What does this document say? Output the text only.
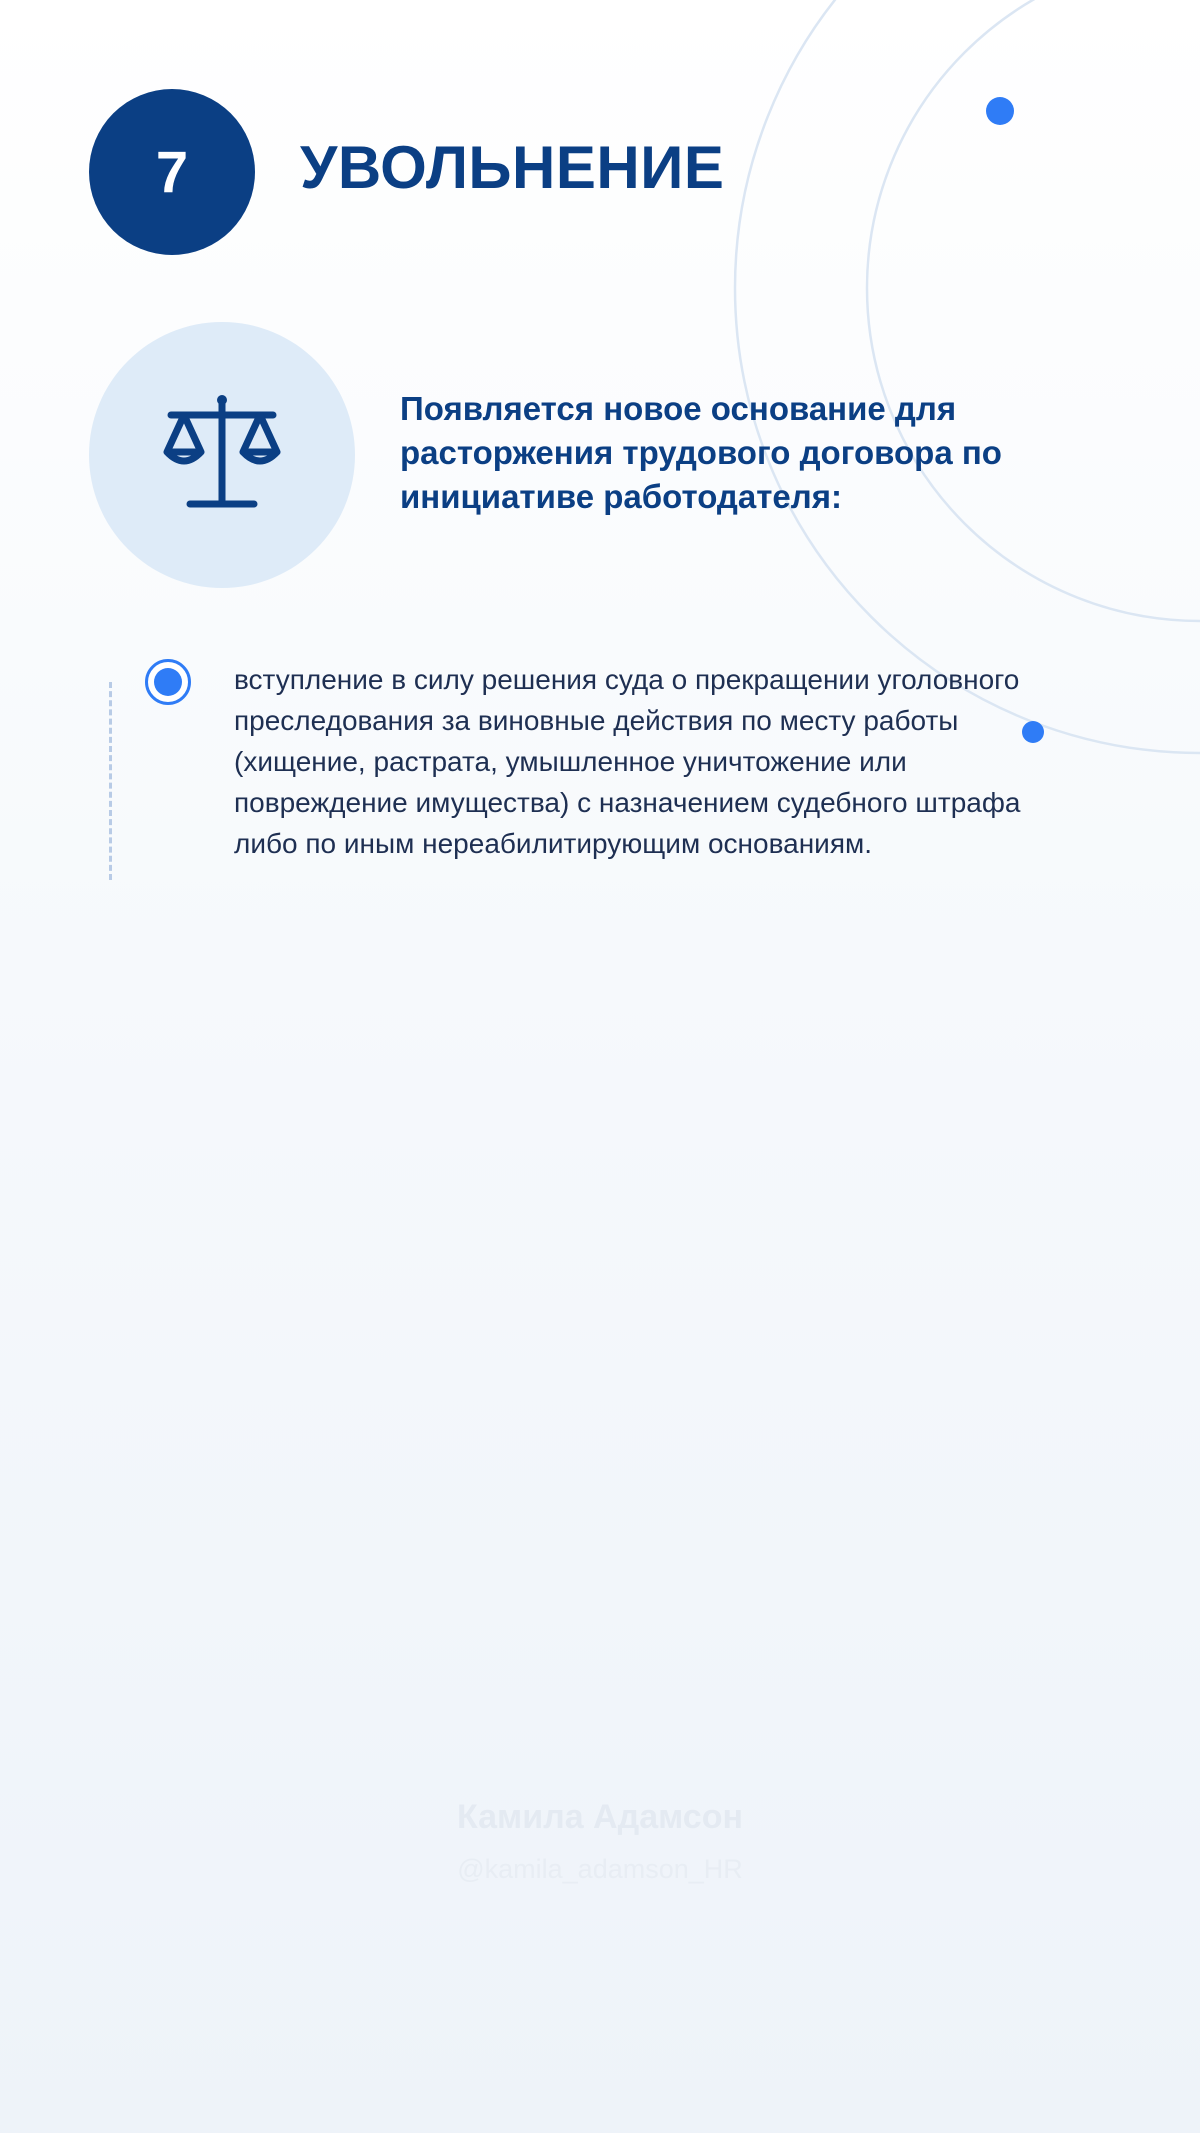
7	УВОЛЬНЕНИЕ

Появляется новое основание для расторжения трудового договора по инициативе работодателя:

вступление в силу решения суда о прекращении уголовного преследования за виновные действия по месту работы (хищение, растрата, умышленное уничтожение или повреждение имущества) с назначением судебного штрафа либо по иным нереабилитирующим основаниям.

Камила Адамсон
@kamila_adamson_HR
